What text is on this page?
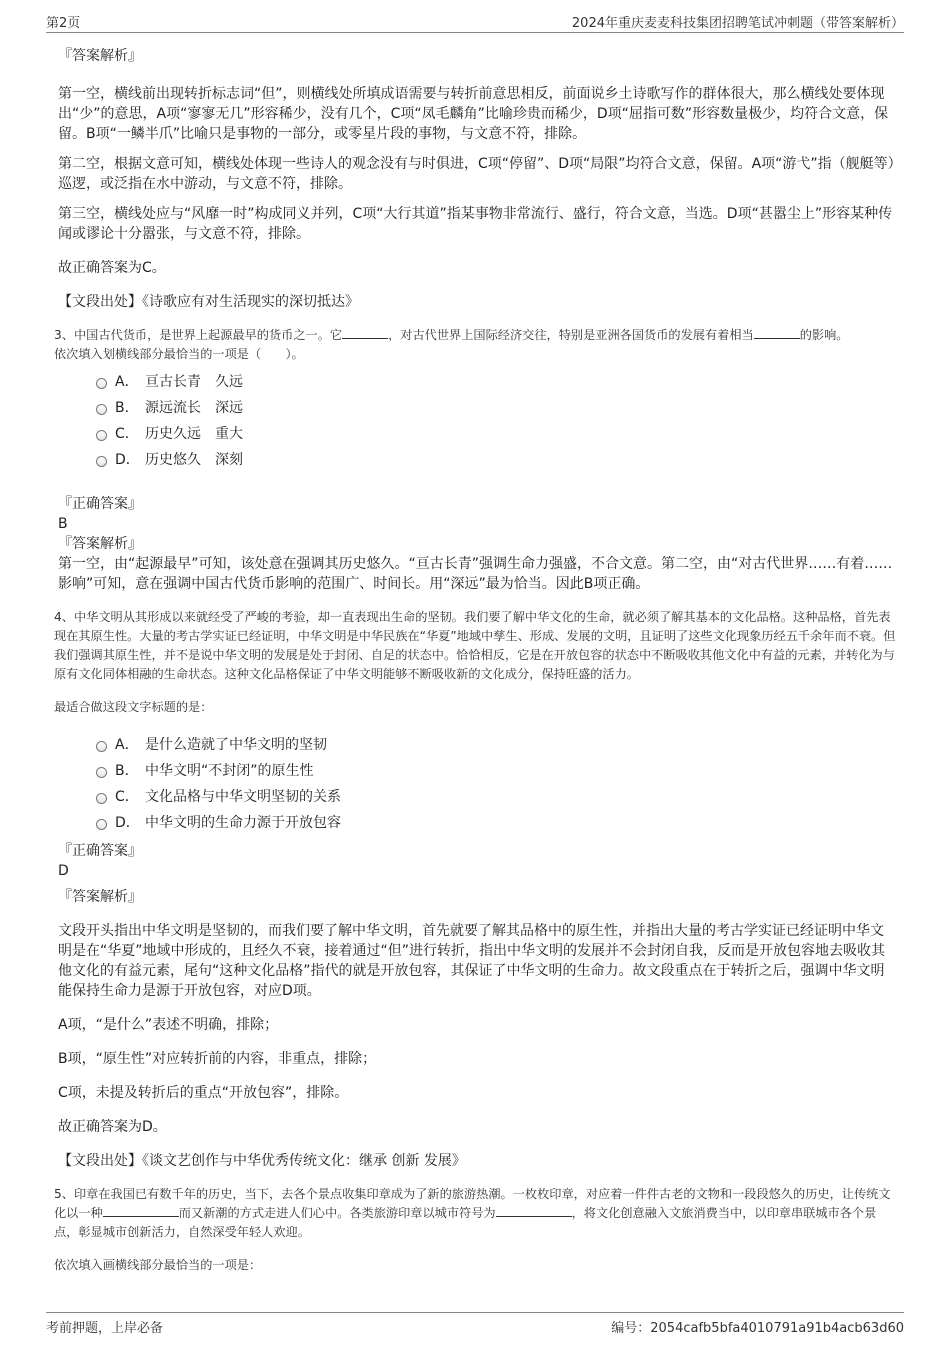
第2页	2024年重庆麦麦科技集团招聘笔试冲刺题（带答案解析）

『答案解析』

第一空，横线前出现转折标志词“但”，则横线处所填成语需要与转折前意思相反，前面说乡土诗歌写作的群体很大，那么横线处要体现出“少”的意思，A项“寥寥无几”形容稀少，没有几个，C项“凤毛麟角”比喻珍贵而稀少，D项“屈指可数”形容数量极少，均符合文意，保留。B项“一鳞半爪”比喻只是事物的一部分，或零星片段的事物，与文意不符，排除。

第二空，根据文意可知，横线处体现一些诗人的观念没有与时俱进，C项“停留”、D项“局限”均符合文意，保留。A项“游弋”指（舰艇等）巡逻，或泛指在水中游动，与文意不符，排除。

第三空，横线处应与“风靡一时”构成同义并列，C项“大行其道”指某事物非常流行、盛行，符合文意，当选。D项“甚嚣尘上”形容某种传闻或谬论十分嚣张，与文意不符，排除。

故正确答案为C。

【文段出处】《诗歌应有对生活现实的深切抵达》

3、中国古代货币，是世界上起源最早的货币之一。它	，对古代世界上国际经济交往，特别是亚洲各国货币的发展有着相当	的影响。

依次填入划横线部分最恰当的一项是（　　）。

A． 亘古长青　久远
B． 源远流长　深远
C． 历史久远　重大
D． 历史悠久　深刻

『正确答案』

B

『答案解析』

第一空，由“起源最早”可知，该处意在强调其历史悠久。“亘古长青”强调生命力强盛，不合文意。第二空，由“对古代世界……有着……影响”可知，意在强调中国古代货币影响的范围广、时间长。用“深远”最为恰当。因此B项正确。

4、中华文明从其形成以来就经受了严峻的考验，却一直表现出生命的坚韧。我们要了解中华文化的生命，就必须了解其基本的文化品格。这种品格，首先表现在其原生性。大量的考古学实证已经证明，中华文明是中华民族在“华夏”地域中孳生、形成、发展的文明，且证明了这些文化现象历经五千余年而不衰。但我们强调其原生性，并不是说中华文明的发展是处于封闭、自足的状态中。恰恰相反，它是在开放包容的状态中不断吸收其他文化中有益的元素，并转化为与原有文化同体相融的生命状态。这种文化品格保证了中华文明能够不断吸收新的文化成分，保持旺盛的活力。

最适合做这段文字标题的是：

A． 是什么造就了中华文明的坚韧
B． 中华文明“不封闭”的原生性
C． 文化品格与中华文明坚韧的关系
D． 中华文明的生命力源于开放包容

『正确答案』

D

『答案解析』

文段开头指出中华文明是坚韧的，而我们要了解中华文明，首先就要了解其品格中的原生性，并指出大量的考古学实证已经证明中华文明是在“华夏”地域中形成的，且经久不衰，接着通过“但”进行转折，指出中华文明的发展并不会封闭自我，反而是开放包容地去吸收其他文化的有益元素，尾句“这种文化品格”指代的就是开放包容，其保证了中华文明的生命力。故文段重点在于转折之后，强调中华文明能保持生命力是源于开放包容，对应D项。

A项，“是什么”表述不明确，排除；

B项，“原生性”对应转折前的内容，非重点，排除；

C项，未提及转折后的重点“开放包容”，排除。

故正确答案为D。

【文段出处】《谈文艺创作与中华优秀传统文化：继承 创新 发展》

5、印章在我国已有数千年的历史，当下，去各个景点收集印章成为了新的旅游热潮。一枚枚印章，对应着一件件古老的文物和一段段悠久的历史，让传统文化以一种	而又新潮的方式走进人们心中。各类旅游印章以城市符号为	，将文化创意融入文旅消费当中，以印章串联城市各个景点，彰显城市创新活力，自然深受年轻人欢迎。

依次填入画横线部分最恰当的一项是：

考前押题，上岸必备	编号：2054cafb5bfa4010791a91b4acb63d60
